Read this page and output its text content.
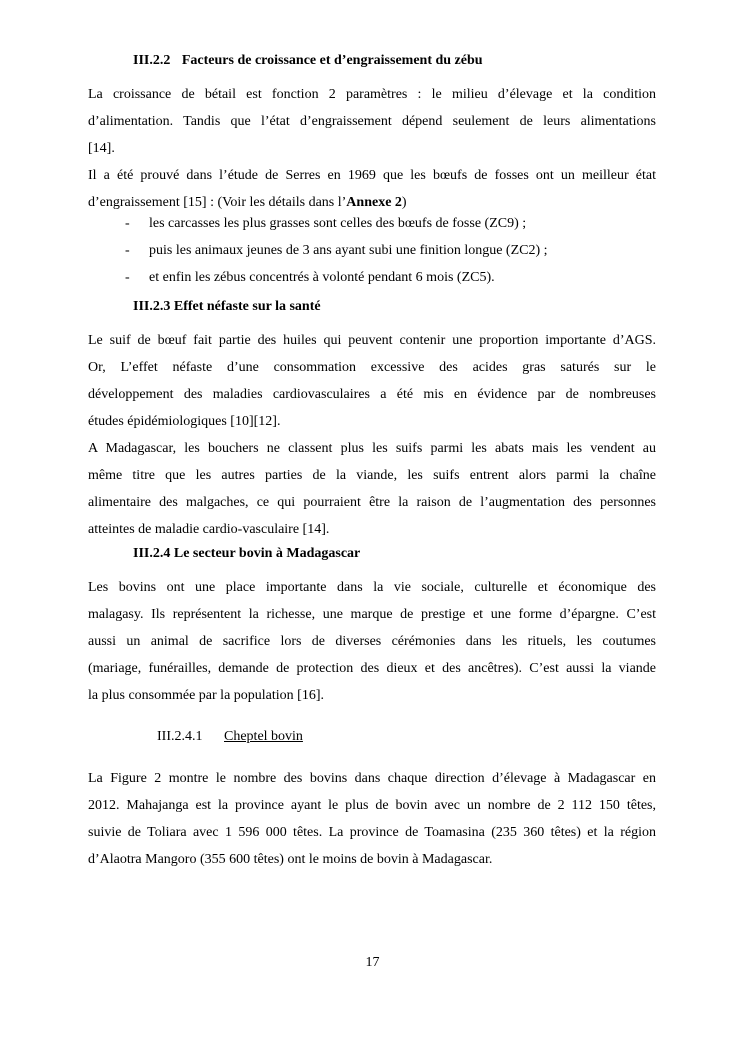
III.2.2 Facteurs de croissance et d’engraissement du zébu
La croissance de bétail est fonction 2 paramètres : le milieu d’élevage et la condition
d’alimentation. Tandis que l’état d’engraissement dépend seulement de leurs alimentations
[14].
Il a été prouvé dans l’étude de Serres en 1969 que les bœufs de fosses ont un meilleur état
d’engraissement [15] : (Voir les détails dans l’Annexe 2)
- les carcasses les plus grasses sont celles des bœufs de fosse (ZC9) ;
- puis les animaux jeunes de 3 ans ayant subi une finition longue (ZC2) ;
- et enfin les zébus concentrés à volonté pendant 6 mois (ZC5).
III.2.3 Effet néfaste sur la santé
Le suif de bœuf fait partie des huiles qui peuvent contenir une proportion importante d’AGS.
Or, L’effet néfaste d’une consommation excessive des acides gras saturés sur le
développement des maladies cardiovasculaires a été mis en évidence par de nombreuses
études épidémiologiques [10][12].
A Madagascar, les bouchers ne classent plus les suifs parmi les abats mais les vendent au
même titre que les autres parties de la viande, les suifs entrent alors parmi la chaîne
alimentaire des malgaches, ce qui pourraient être la raison de l’augmentation des personnes
atteintes de maladie cardio-vasculaire [14].
III.2.4 Le secteur bovin à Madagascar
Les bovins ont une place importante dans la vie sociale, culturelle et économique des
malagasy. Ils représentent la richesse, une marque de prestige et une forme d’épargne. C’est
aussi un animal de sacrifice lors de diverses cérémonies dans les rituels, les coutumes
(mariage, funérailles, demande de protection des dieux et des ancêtres). C’est aussi la viande
la plus consommée par la population [16].
III.2.4.1 Cheptel bovin
La Figure 2 montre le nombre des bovins dans chaque direction d’élevage à Madagascar en
2012. Mahajanga est la province ayant le plus de bovin avec un nombre de 2 112 150 têtes,
suivie de Toliara avec 1 596 000 têtes. La province de Toamasina (235 360 têtes) et la région
d’Alaotra Mangoro (355 600 têtes) ont le moins de bovin à Madagascar.
17
